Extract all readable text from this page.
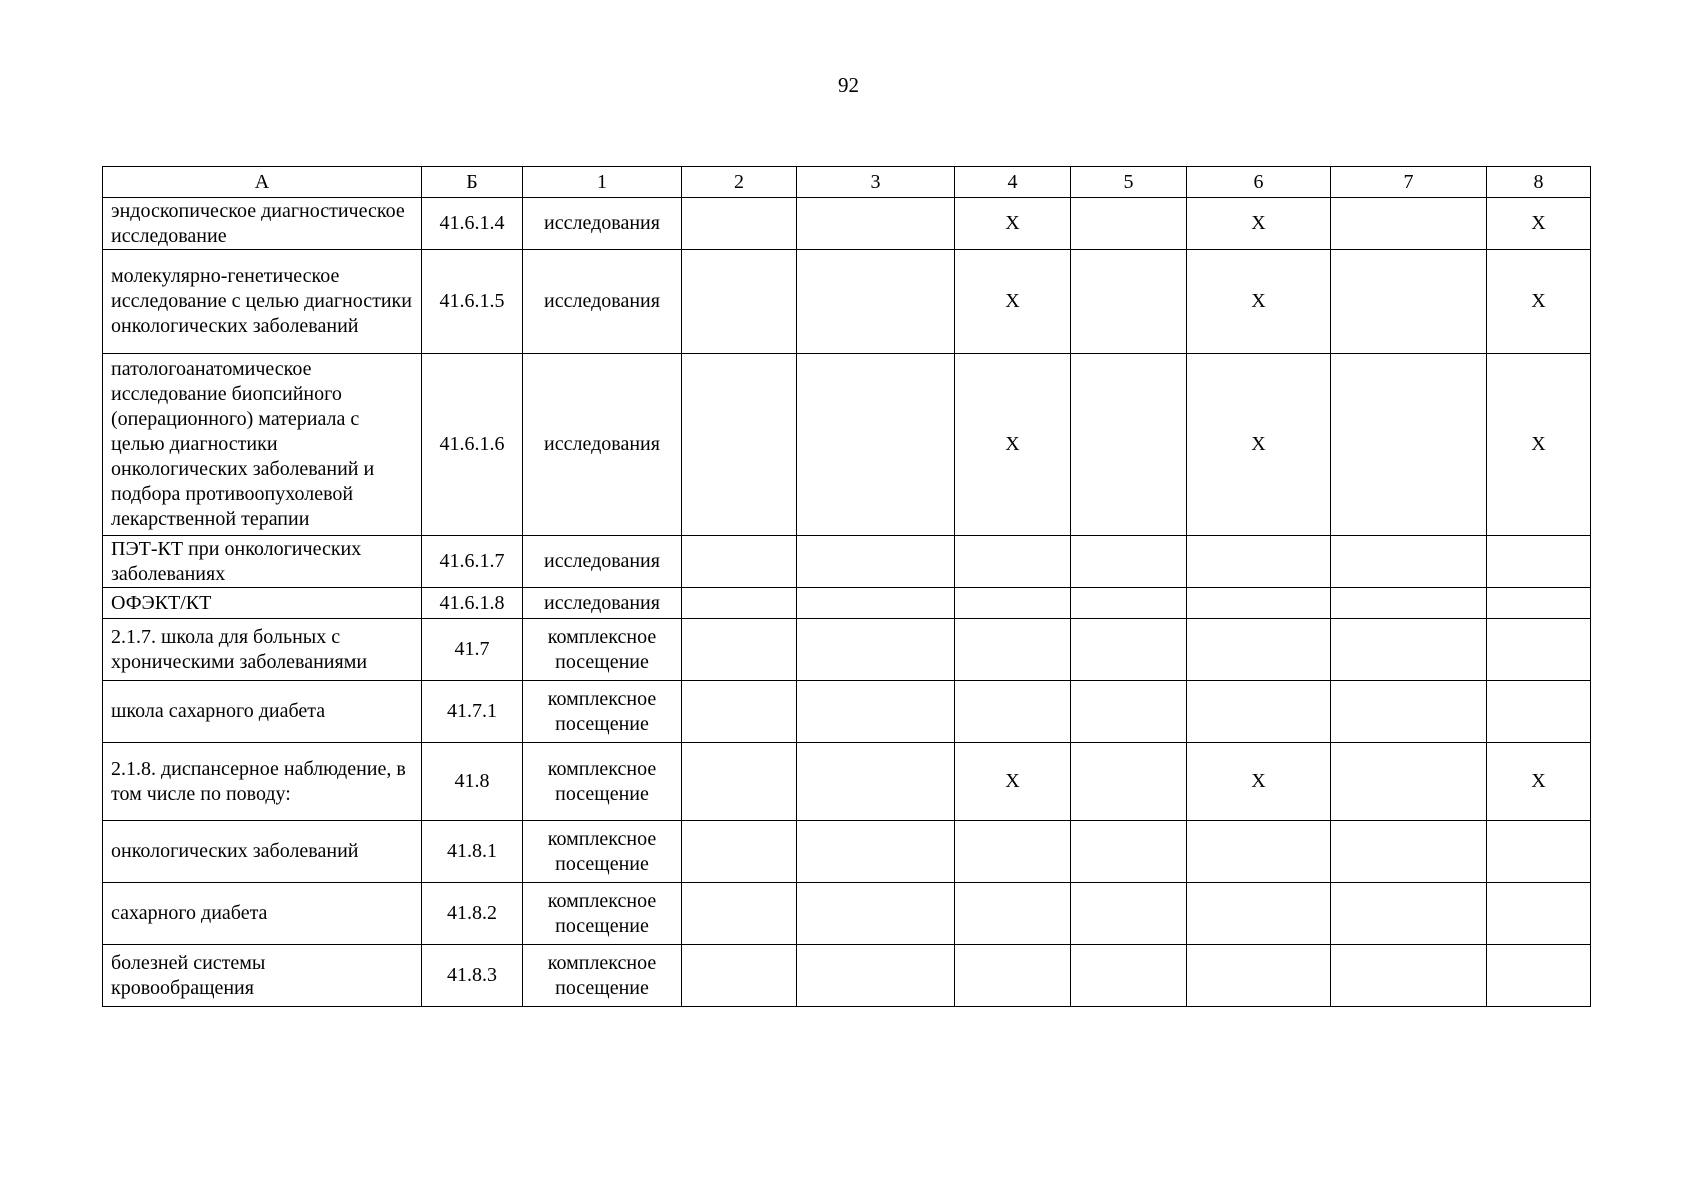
92
А	Б	1	2	3	4	5	6	7	8
эндоскопическое диагностическое исследование	41.6.1.4	исследования			X		X		X
молекулярно-генетическое исследование с целью диагностики онкологических заболеваний	41.6.1.5	исследования			X		X		X
патологоанатомическое исследование биопсийного (операционного) материала с целью диагностики онкологических заболеваний и подбора противоопухолевой лекарственной терапии	41.6.1.6	исследования			X		X		X
ПЭТ-КТ при онкологических заболеваниях	41.6.1.7	исследования							
ОФЭКТ/КТ	41.6.1.8	исследования							
2.1.7. школа для больных с хроническими заболеваниями	41.7	комплексное посещение							
школа сахарного диабета	41.7.1	комплексное посещение							
2.1.8. диспансерное наблюдение, в том числе по поводу:	41.8	комплексное посещение			X		X		X
онкологических заболеваний	41.8.1	комплексное посещение							
сахарного диабета	41.8.2	комплексное посещение							
болезней системы кровообращения	41.8.3	комплексное посещение							
